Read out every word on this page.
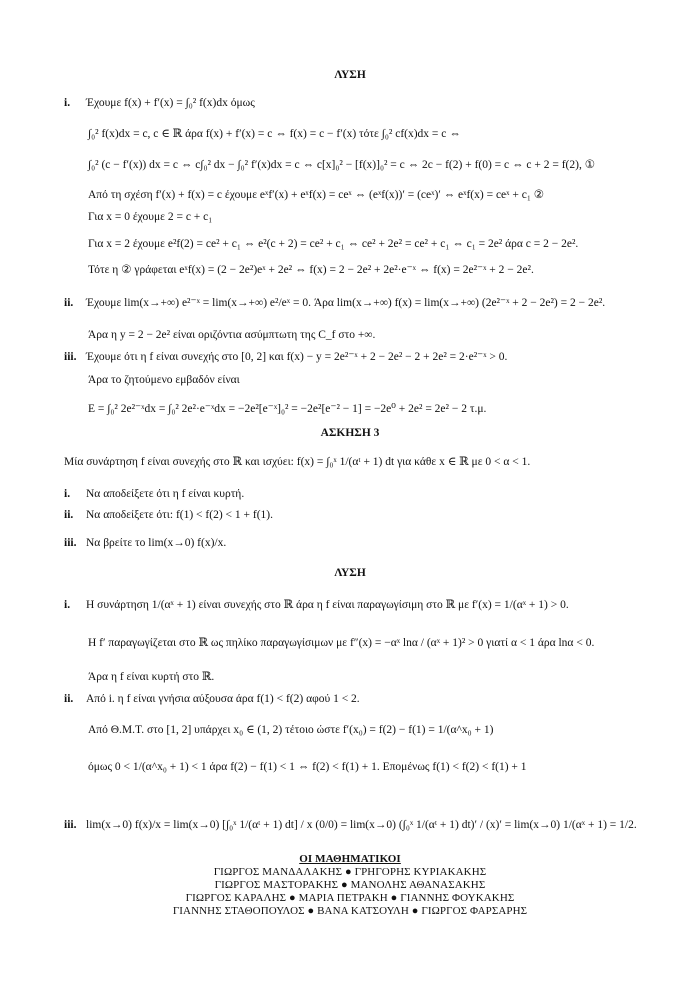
ΛΥΣΗ
i. Έχουμε f(x) + f′(x) = ∫₀² f(x)dx όμως
∫₀² f(x)dx = c, c ∈ ℝ άρα f(x) + f′(x) = c ⇔ f(x) = c − f′(x) τότε ∫₀² cf(x)dx = c ⇔
∫₀² (c − f′(x)) dx = c ⇔ c∫₀² dx − ∫₀² f′(x)dx = c ⇔ c[x]₀² − [f(x)]₀² = c ⇔ 2c − f(2) + f(0) = c ⇔ c + 2 = f(2), ①
Από τη σχέση f′(x) + f(x) = c έχουμε eˣf′(x) + eˣf(x) = ceˣ ⇔ (eˣf(x))′ = (ceˣ)′ ⇔ eˣf(x) = ceˣ + c₁ ②
Για x = 0 έχουμε 2 = c + c₁
Για x = 2 έχουμε e²f(2) = ce² + c₁ ⇔ e²(c + 2) = ce² + c₁ ⇔ ce² + 2e² = ce² + c₁ ⇔ c₁ = 2e² άρα c = 2 − 2e².
Τότε η ② γράφεται eˣf(x) = (2 − 2e²)eˣ + 2e² ⇔ f(x) = 2 − 2e² + 2e²·e⁻ˣ ⇔ f(x) = 2e²⁻ˣ + 2 − 2e².
ii. Έχουμε lim(x→+∞) e²⁻ˣ = lim(x→+∞) e²/eˣ = 0. Άρα lim(x→+∞) f(x) = lim(x→+∞) (2e²⁻ˣ + 2 − 2e²) = 2 − 2e².
Άρα η y = 2 − 2e² είναι οριζόντια ασύμπτωτη της C_f στο +∞.
iii. Έχουμε ότι η f είναι συνεχής στο [0, 2] και f(x) − y = 2e²⁻ˣ + 2 − 2e² − 2 + 2e² = 2·e²⁻ˣ > 0.
Άρα το ζητούμενο εμβαδόν είναι
E = ∫₀² 2e²⁻ˣdx = ∫₀² 2e²·e⁻ˣdx = −2e²[e⁻ˣ]₀² = −2e²[e⁻² − 1] = −2e⁰ + 2e² = 2e² − 2 τ.μ.
ΑΣΚΗΣΗ 3
Μία συνάρτηση f είναι συνεχής στο ℝ και ισχύει: f(x) = ∫₀ˣ 1/(αᵗ + 1) dt για κάθε x ∈ ℝ με 0 < α < 1.
i. Να αποδείξετε ότι η f είναι κυρτή.
ii. Να αποδείξετε ότι: f(1) < f(2) < 1 + f(1).
iii. Να βρείτε το lim(x→0) f(x)/x.
ΛΥΣΗ
i. Η συνάρτηση 1/(αˣ + 1) είναι συνεχής στο ℝ άρα η f είναι παραγωγίσιμη στο ℝ με f′(x) = 1/(αˣ + 1) > 0.
Η f′ παραγωγίζεται στο ℝ ως πηλίκο παραγωγίσιμων με f″(x) = −αˣ lnα / (αˣ + 1)² > 0 γιατί α < 1 άρα lnα < 0.
Άρα η f είναι κυρτή στο ℝ.
ii. Από i. η f είναι γνήσια αύξουσα άρα f(1) < f(2) αφού 1 < 2.
Από Θ.Μ.Τ. στο [1, 2] υπάρχει x₀ ∈ (1, 2) τέτοιο ώστε f′(x₀) = f(2) − f(1) = 1/(α^x₀ + 1)
όμως 0 < 1/(α^x₀ + 1) < 1 άρα f(2) − f(1) < 1 ⇔ f(2) < f(1) + 1. Επομένως f(1) < f(2) < f(1) + 1
iii. lim(x→0) f(x)/x = lim(x→0) [∫₀ˣ 1/(αᵗ + 1) dt] / x (0/0) = lim(x→0) (∫₀ˣ 1/(αᵗ + 1) dt)′ / (x)′ = lim(x→0) 1/(αˣ + 1) = 1/2.
ΟΙ ΜΑΘΗΜΑΤΙΚΟΙ
ΓΙΩΡΓΟΣ ΜΑΝΔΑΛΑΚΗΣ ● ΓΡΗΓΟΡΗΣ ΚΥΡΙΑΚΑΚΗΣ
ΓΙΩΡΓΟΣ ΜΑΣΤΟΡΑΚΗΣ ● ΜΑΝΟΛΗΣ ΑΘΑΝΑΣΑΚΗΣ
ΓΙΩΡΓΟΣ ΚΑΡΑΛΗΣ ● ΜΑΡΙΑ ΠΕΤΡΑΚΗ ● ΓΙΑΝΝΗΣ ΦΟΥΚΑΚΗΣ
ΓΙΑΝΝΗΣ ΣΤΑΘΟΠΟΥΛΟΣ ● ΒΑΝΑ ΚΑΤΣΟΥΛΗ ● ΓΙΩΡΓΟΣ ΦΑΡΣΑΡΗΣ
